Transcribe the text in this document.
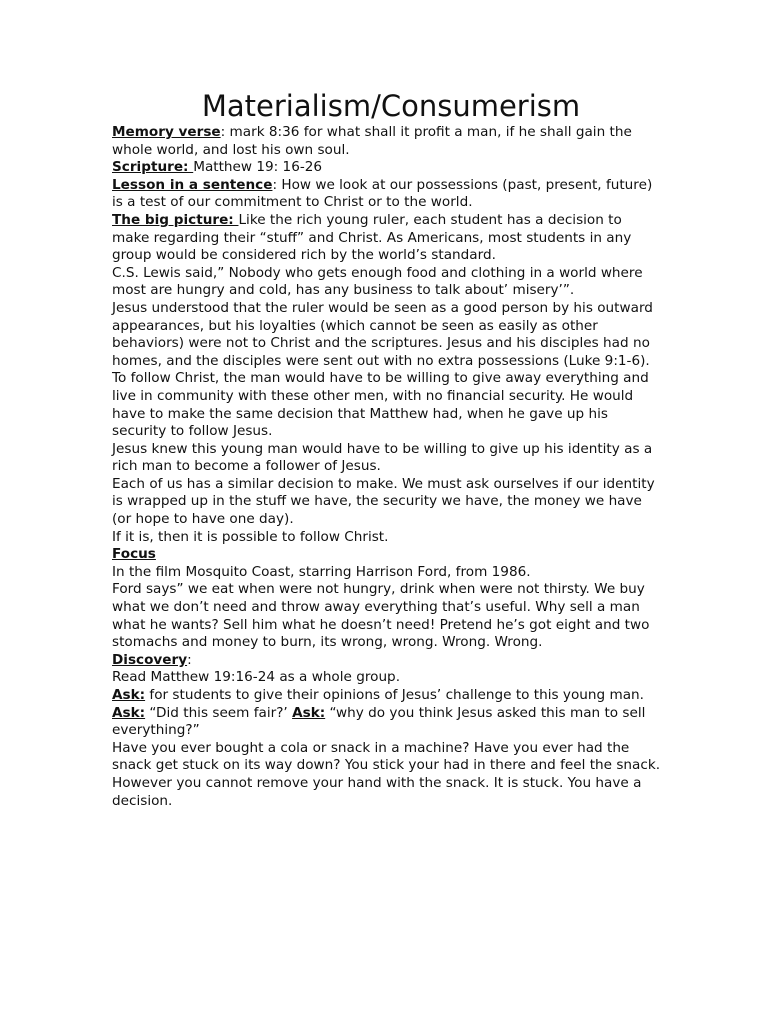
Materialism/Consumerism

Memory verse: mark 8:36 for what shall it profit a man, if he shall gain the whole world, and lost his own soul.

Scripture: Matthew 19: 16-26

Lesson in a sentence: How we look at our possessions (past, present, future) is a test of our commitment to Christ or to the world.

The big picture: Like the rich young ruler, each student has a decision to make regarding their “stuff” and Christ. As Americans, most students in any group would be considered rich by the world’s standard.

C.S. Lewis said,” Nobody who gets enough food and clothing in a world where most are hungry and cold, has any business to talk about’ misery’”.

Jesus understood that the ruler would be seen as a good person by his outward appearances, but his loyalties (which cannot be seen as easily as other behaviors) were not to Christ and the scriptures. Jesus and his disciples had no homes, and the disciples were sent out with no extra possessions (Luke 9:1-6). To follow Christ, the man would have to be willing to give away everything and live in community with these other men, with no financial security. He would have to make the same decision that Matthew had, when he gave up his security to follow Jesus.

Jesus knew this young man would have to be willing to give up his identity as a rich man to become a follower of Jesus.

Each of us has a similar decision to make. We must ask ourselves if our identity is wrapped up in the stuff we have, the security we have, the money we have (or hope to have one day).

If it is, then it is possible to follow Christ.

Focus

In the film Mosquito Coast, starring Harrison Ford, from 1986.

Ford says” we eat when were not hungry, drink when were not thirsty. We buy what we don’t need and throw away everything that’s useful. Why sell a man what he wants? Sell him what he doesn’t need! Pretend he’s got eight and two stomachs and money to burn, its wrong, wrong. Wrong. Wrong.

Discovery:

Read Matthew 19:16-24 as a whole group.

Ask: for students to give their opinions of Jesus’ challenge to this young man. Ask: “Did this seem fair?’ Ask: “why do you think Jesus asked this man to sell everything?”

Have you ever bought a cola or snack in a machine? Have you ever had the snack get stuck on its way down? You stick your had in there and feel the snack. However you cannot remove your hand with the snack. It is stuck. You have a decision.
